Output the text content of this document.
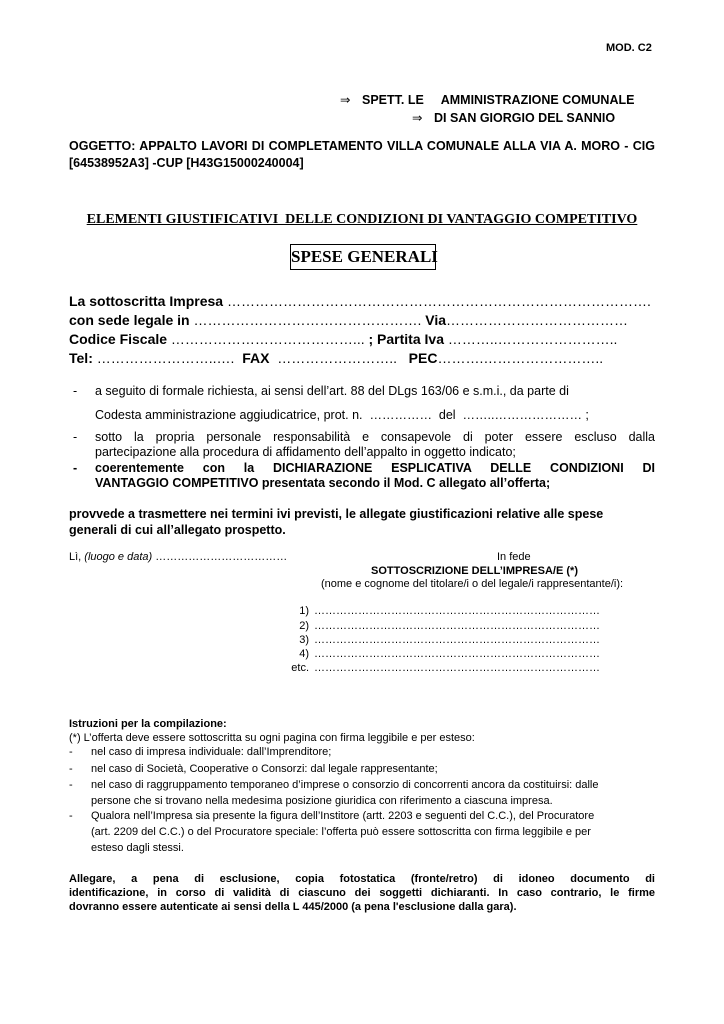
MOD. C2
⇒ SPETT. LE     AMMINISTRAZIONE COMUNALE
⇒ DI SAN GIORGIO DEL SANNIO
OGGETTO: APPALTO LAVORI DI COMPLETAMENTO VILLA COMUNALE ALLA VIA A. MORO - CIG [64538952A3] -CUP [H43G15000240004]
ELEMENTI GIUSTIFICATIVI  DELLE CONDIZIONI DI VANTAGGIO COMPETITIVO
SPESE GENERALI
La sottoscritta Impresa ……………………………………………………………………………….
con sede legale in …………………………………………. Via…………………………………
Codice Fiscale …………………………………... ; Partita Iva ………..……………………..
Tel: ……………………..….  FAX  ……………………..   PEC……….……………………..
- a seguito di formale richiesta, ai sensi dell’art. 88 del DLgs 163/06 e s.m.i., da parte di
Codesta amministrazione aggiudicatrice, prot. n.  ……………  del  ……..………………… ;
- sotto la propria personale responsabilità e consapevole di poter essere escluso dalla
partecipazione alla procedura di affidamento dell’appalto in oggetto indicato;
- coerentemente con la DICHIARAZIONE ESPLICATIVA DELLE CONDIZIONI DI
VANTAGGIO COMPETITIVO presentata secondo il Mod. C allegato all’offerta;
provvede a trasmettere nei termini ivi previsti, le allegate giustificazioni relative alle spese
generali di cui all’allegato prospetto.
Lì, (luogo e data) ………………………………	In fede
SOTTOSCRIZIONE DELL’IMPRESA/E (*)
(nome e cognome del titolare/i o del legale/i rappresentante/i):
1) ……………………………………………………………………
2) ……………………………………………………………………
3) ……………………………………………………………………
4) ……………………………………………………………………
etc. ……………………………………………………………………
Istruzioni per la compilazione:
(*) L’offerta deve essere sottoscritta su ogni pagina con firma leggibile e per esteso:
- nel caso di impresa individuale: dall’Imprenditore;
- nel caso di Società, Cooperative o Consorzi: dal legale rappresentante;
- nel caso di raggruppamento temporaneo d’imprese o consorzio di concorrenti ancora da costituirsi: dalle
persone che si trovano nella medesima posizione giuridica con riferimento a ciascuna impresa.
- Qualora nell’Impresa sia presente la figura dell’Institore (artt. 2203 e seguenti del C.C.), del Procuratore
(art. 2209 del C.C.) o del Procuratore speciale: l’offerta può essere sottoscritta con firma leggibile e per
esteso dagli stessi.
Allegare, a pena di esclusione, copia fotostatica (fronte/retro) di idoneo documento di
identificazione, in corso di validità di ciascuno dei soggetti dichiaranti. In caso contrario, le firme
dovranno essere autenticate ai sensi della L 445/2000 (a pena l'esclusione dalla gara).
